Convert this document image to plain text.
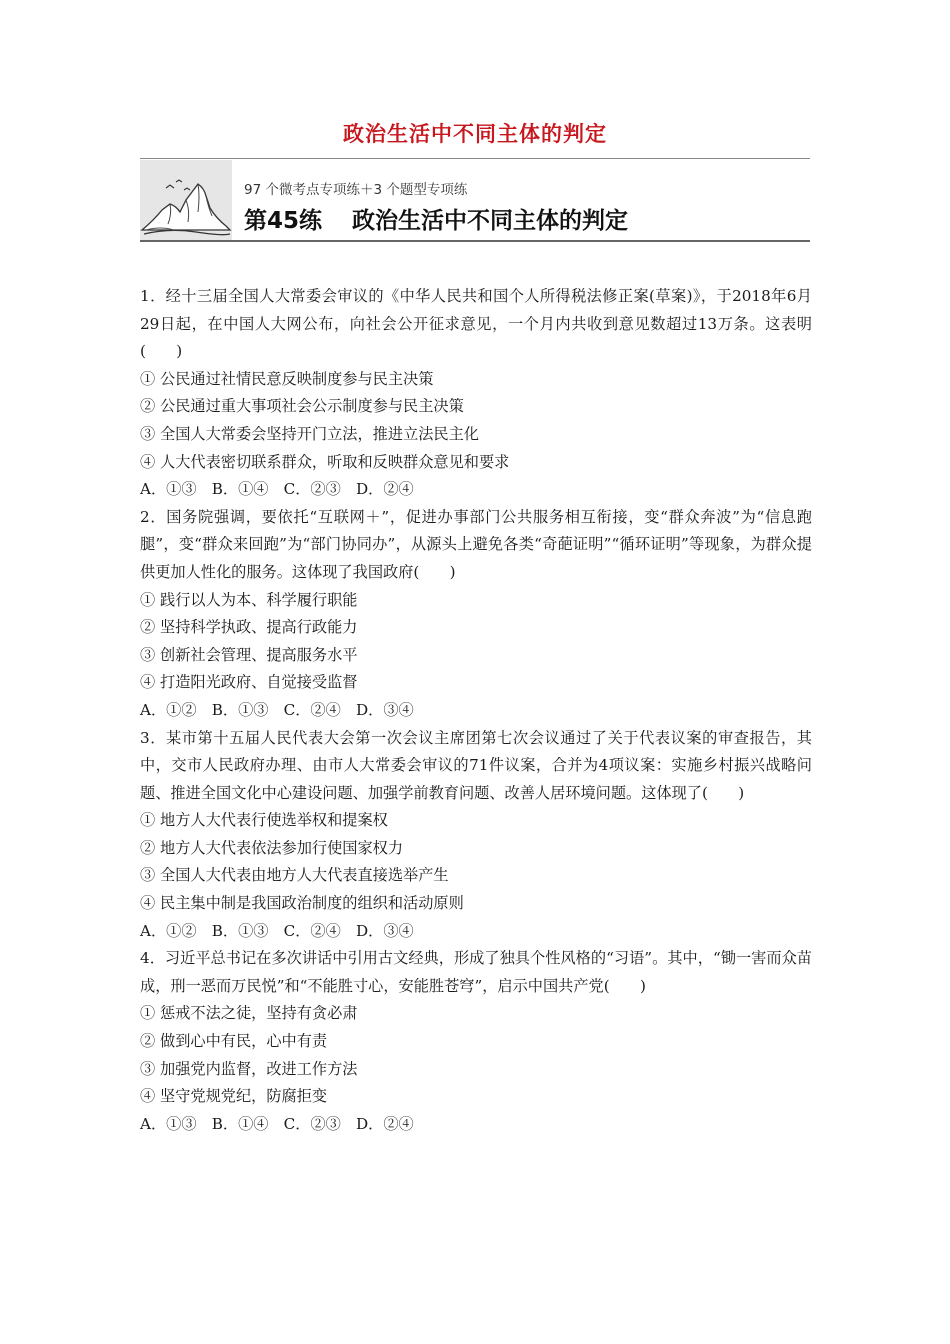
政治生活中不同主体的判定
97 个微考点专项练＋3 个题型专项练
第45练 政治生活中不同主体的判定

1．经十三届全国人大常委会审议的《中华人民共和国个人所得税法修正案(草案)》，于2018年6月29日起，在中国人大网公布，向社会公开征求意见，一个月内共收到意见数超过13万条。这表明(　　)

① 公民通过社情民意反映制度参与民主决策

② 公民通过重大事项社会公示制度参与民主决策

③ 全国人大常委会坚持开门立法，推进立法民主化

④ 人大代表密切联系群众，听取和反映群众意见和要求

A．①③　B．①④　C．②③　D．②④

2．国务院强调，要依托“互联网＋”，促进办事部门公共服务相互衔接，变“群众奔波”为“信息跑腿”，变“群众来回跑”为“部门协同办”，从源头上避免各类“奇葩证明”“循环证明”等现象，为群众提供更加人性化的服务。这体现了我国政府(　　)

① 践行以人为本、科学履行职能

② 坚持科学执政、提高行政能力

③ 创新社会管理、提高服务水平

④ 打造阳光政府、自觉接受监督

A．①②　B．①③　C．②④　D．③④

3．某市第十五届人民代表大会第一次会议主席团第七次会议通过了关于代表议案的审查报告，其中，交市人民政府办理、由市人大常委会审议的71件议案，合并为4项议案：实施乡村振兴战略问题、推进全国文化中心建设问题、加强学前教育问题、改善人居环境问题。这体现了(　　)

① 地方人大代表行使选举权和提案权

② 地方人大代表依法参加行使国家权力

③ 全国人大代表由地方人大代表直接选举产生

④ 民主集中制是我国政治制度的组织和活动原则

A．①②　B．①③　C．②④　D．③④

4．习近平总书记在多次讲话中引用古文经典，形成了独具个性风格的“习语”。其中，“锄一害而众苗成，刑一恶而万民悦”和“不能胜寸心，安能胜苍穹”，启示中国共产党(　　)

① 惩戒不法之徒，坚持有贪必肃

② 做到心中有民，心中有责

③ 加强党内监督，改进工作方法

④ 坚守党规党纪，防腐拒变

A．①③　B．①④　C．②③　D．②④
